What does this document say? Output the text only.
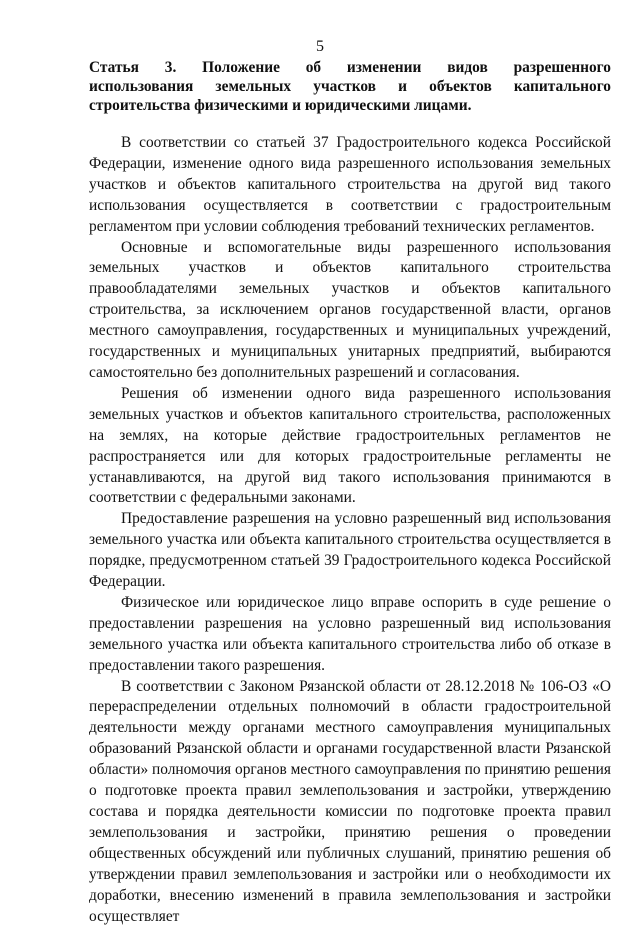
5
Статья 3. Положение об изменении видов разрешенного
использования земельных участков и объектов капитального
строительства физическими и юридическими лицами.

В соответствии со статьей 37 Градостроительного кодекса Российской Федерации, изменение одного вида разрешенного использования земельных участков и объектов капитального строительства на другой вид такого использования осуществляется в соответствии с градостроительным регламентом при условии соблюдения требований технических регламентов.

Основные и вспомогательные виды разрешенного использования земельных участков и объектов капитального строительства правообладателями земельных участков и объектов капитального строительства, за исключением органов государственной власти, органов местного самоуправления, государственных и муниципальных учреждений, государственных и муниципальных унитарных предприятий, выбираются самостоятельно без дополнительных разрешений и согласования.

Решения об изменении одного вида разрешенного использования земельных участков и объектов капитального строительства, расположенных на землях, на которые действие градостроительных регламентов не распространяется или для которых градостроительные регламенты не устанавливаются, на другой вид такого использования принимаются в соответствии с федеральными законами.

Предоставление разрешения на условно разрешенный вид использования земельного участка или объекта капитального строительства осуществляется в порядке, предусмотренном статьей 39 Градостроительного кодекса Российской Федерации.

Физическое или юридическое лицо вправе оспорить в суде решение о предоставлении разрешения на условно разрешенный вид использования земельного участка или объекта капитального строительства либо об отказе в предоставлении такого разрешения.

В соответствии с Законом Рязанской области от 28.12.2018 № 106-ОЗ «О перераспределении отдельных полномочий в области градостроительной деятельности между органами местного самоуправления муниципальных образований Рязанской области и органами государственной власти Рязанской области» полномочия органов местного самоуправления по принятию решения о подготовке проекта правил землепользования и застройки, утверждению состава и порядка деятельности комиссии по подготовке проекта правил землепользования и застройки, принятию решения о проведении общественных обсуждений или публичных слушаний, принятию решения об утверждении правил землепользования и застройки или о необходимости их доработки, внесению изменений в правила землепользования и застройки осуществляет
